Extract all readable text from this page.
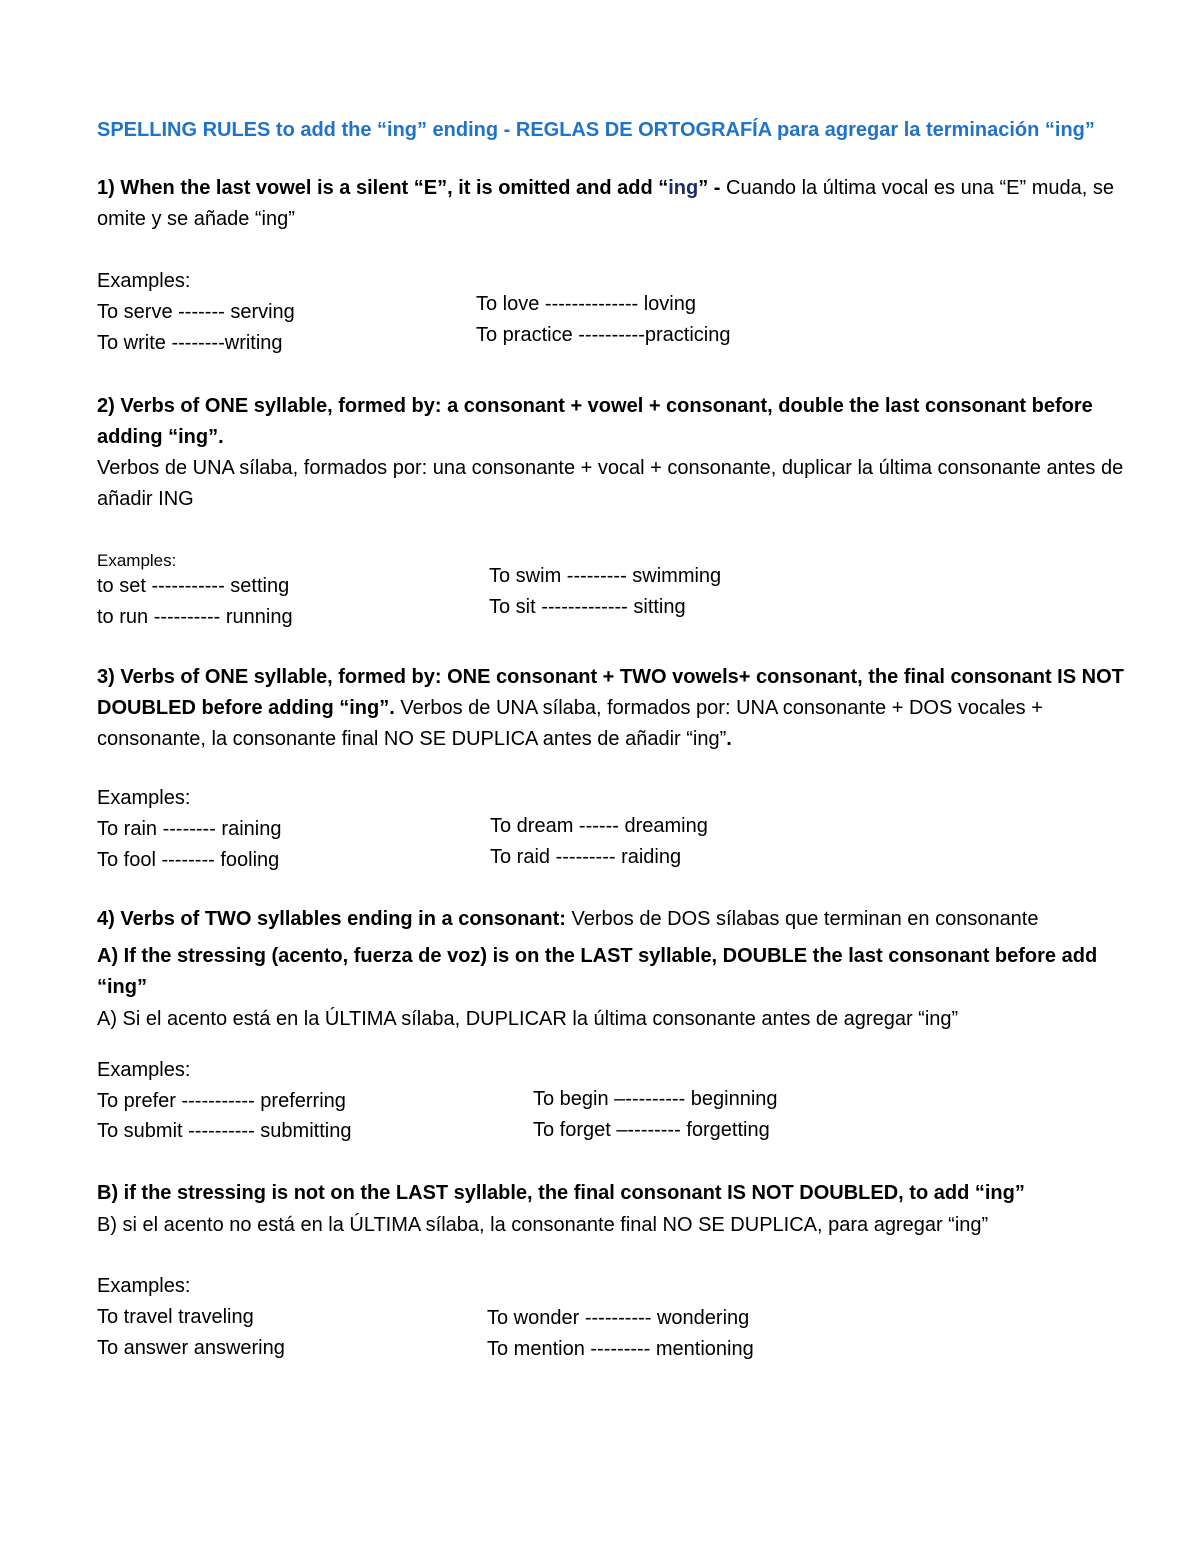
SPELLING RULES to add the “ing” ending - REGLAS DE ORTOGRAFÍA para agregar la terminación “ing”

1) When the last vowel is a silent “E”, it is omitted and add “ing” - Cuando la última vocal es una “E” muda, se omite y se añade “ing”

Examples:

To serve ------- serving

To write --------writing

To love -------------- loving

To practice ----------practicing

2) Verbs of ONE syllable, formed by: a consonant + vowel + consonant, double the last consonant before adding “ing”.

Verbos de UNA sílaba, formados por: una consonante + vocal + consonante, duplicar la última consonante antes de añadir ING

Examples:

to set ----------- setting

to run ---------- running

To swim --------- swimming

To sit ------------- sitting

3) Verbs of ONE syllable, formed by: ONE consonant + TWO vowels+ consonant, the final consonant IS NOT DOUBLED before adding “ing”. Verbos de UNA sílaba, formados por: UNA consonante + DOS vocales + consonante, la consonante final NO SE DUPLICA antes de añadir “ing”.

Examples:

To rain -------- raining

To fool -------- fooling

To dream ------ dreaming

To raid --------- raiding

4) Verbs of TWO syllables ending in a consonant: Verbos de DOS sílabas que terminan en consonante

A) If the stressing (acento, fuerza de voz) is on the LAST syllable, DOUBLE the last consonant before add “ing”

A) Si el acento está en la ÚLTIMA sílaba, DUPLICAR la última consonante antes de agregar “ing”

Examples:

To prefer ----------- preferring

To submit ---------- submitting

To begin –--------- beginning

To forget –-------- forgetting

B) if the stressing is not on the LAST syllable, the final consonant IS NOT DOUBLED, to add “ing”

B) si el acento no está en la ÚLTIMA sílaba, la consonante final NO SE DUPLICA, para agregar “ing”

Examples:

To travel traveling

To answer answering

To wonder ---------- wondering

To mention --------- mentioning
